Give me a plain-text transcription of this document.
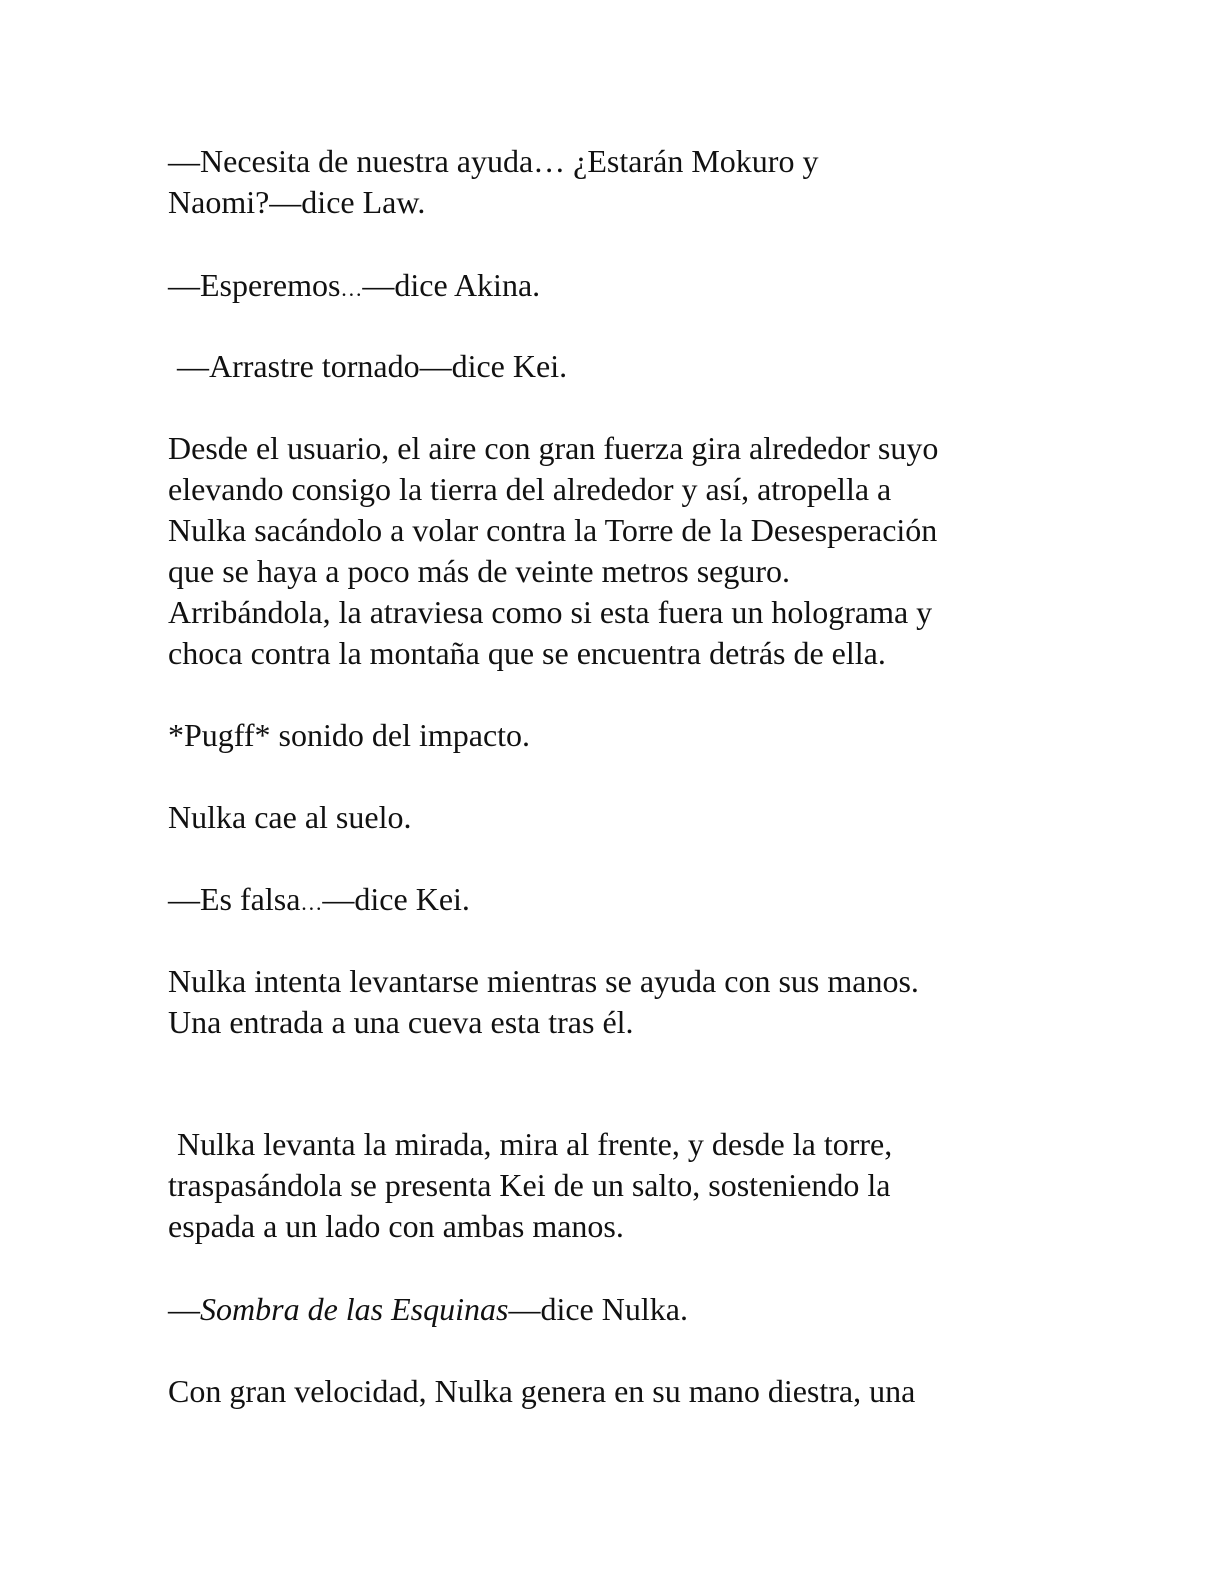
—Necesita de nuestra ayuda… ¿Estarán Mokuro y
Naomi?—dice Law.
—Esperemos…—dice Akina.
—Arrastre tornado—dice Kei.
Desde el usuario, el aire con gran fuerza gira alrededor suyo
elevando consigo la tierra del alrededor y así, atropella a
Nulka sacándolo a volar contra la Torre de la Desesperación
que se haya a poco más de veinte metros seguro.
Arribándola, la atraviesa como si esta fuera un holograma y
choca contra la montaña que se encuentra detrás de ella.
*Pugff* sonido del impacto.
Nulka cae al suelo.
—Es falsa…—dice Kei.
Nulka intenta levantarse mientras se ayuda con sus manos.
Una entrada a una cueva esta tras él.
Nulka levanta la mirada, mira al frente, y desde la torre,
traspasándola se presenta Kei de un salto, sosteniendo la
espada a un lado con ambas manos.
—Sombra de las Esquinas—dice Nulka.
Con gran velocidad, Nulka genera en su mano diestra, una
